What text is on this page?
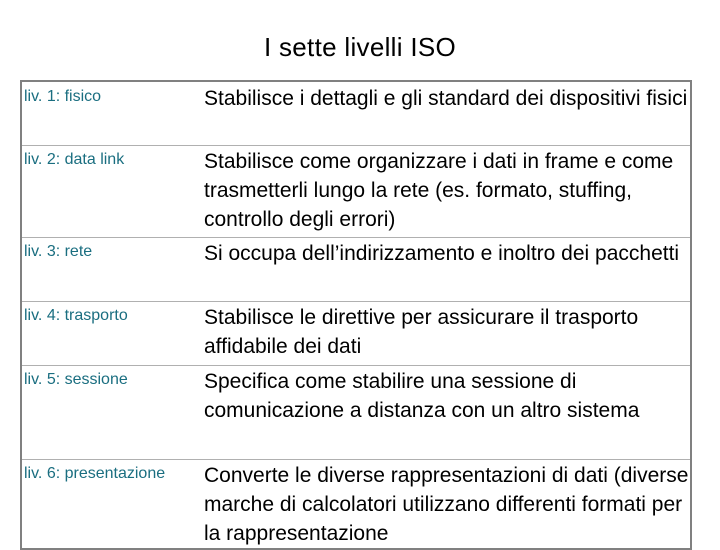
I sette livelli ISO
liv. 1: fisico	Stabilisce i dettagli e gli standard dei dispositivi fisici
liv. 2: data link	Stabilisce come organizzare i dati in frame e come trasmetterli lungo la rete (es. formato, stuffing, controllo degli errori)
liv. 3: rete	Si occupa dell’indirizzamento e inoltro dei pacchetti
liv. 4: trasporto	Stabilisce le direttive per assicurare il trasporto affidabile dei dati
liv. 5: sessione	Specifica come stabilire una sessione di comunicazione a distanza con un altro sistema
liv. 6: presentazione	Converte le diverse rappresentazioni di dati (diverse marche di calcolatori utilizzano differenti formati per la rappresentazione
